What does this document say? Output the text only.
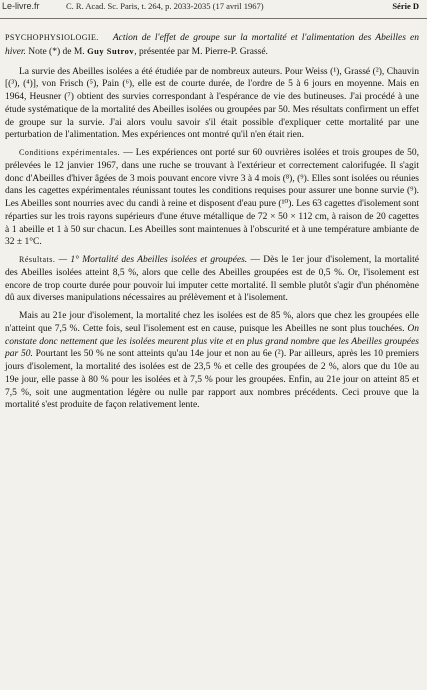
Le-livre.fr	C. R. Acad. Sc. Paris, t. 264, p. 2033-2035 (17 avril 1967)	Série D

PSYCHOPHYSIOLOGIE. Action de l'effet de groupe sur la mortalité et l'alimentation des Abeilles en hiver. Note (*) de M. Guy Sutrov, présentée par M. Pierre-P. Grassé.

La survie des Abeilles isolées a été étudiée par de nombreux auteurs. Pour Weiss (¹), Grassé (²), Chauvin [(³), (⁴)], von Frisch (⁵), Pain (⁶), elle est de courte durée, de l'ordre de 5 à 6 jours en moyenne. Mais en 1964, Heusner (⁷) obtient des survies correspondant à l'espérance de vie des butineuses. J'ai procédé à une étude systématique de la mortalité des Abeilles isolées ou groupées par 50. Mes résultats confirment un effet de groupe sur la survie. J'ai alors voulu savoir s'il était possible d'expliquer cette mortalité par une perturbation de l'alimentation. Mes expériences ont montré qu'il n'en était rien.

Conditions expérimentales. — Les expériences ont porté sur 60 ouvrières isolées et trois groupes de 50, prélevées le 12 janvier 1967, dans une ruche se trouvant à l'extérieur et correctement calorifugée. Il s'agit donc d'Abeilles d'hiver âgées de 3 mois pouvant encore vivre 3 à 4 mois (⁸), (⁹). Elles sont isolées ou réunies dans les cagettes expérimentales réunissant toutes les conditions requises pour assurer une bonne survie (⁹). Les Abeilles sont nourries avec du candi à reine et disposent d'eau pure (¹⁰). Les 63 cagettes d'isolement sont réparties sur les trois rayons supérieurs d'une étuve métallique de 72 × 50 × 112 cm, à raison de 20 cagettes à 1 abeille et 1 à 50 sur chacun. Les Abeilles sont maintenues à l'obscurité et à une température ambiante de 32 ± 1°C.

Résultats. — 1° Mortalité des Abeilles isolées et groupées. — Dès le 1er jour d'isolement, la mortalité des Abeilles isolées atteint 8,5 %, alors que celle des Abeilles groupées est de 0,5 %. Or, l'isolement est encore de trop courte durée pour pouvoir lui imputer cette mortalité. Il semble plutôt s'agir d'un phénomène dû aux diverses manipulations nécessaires au prélèvement et à l'isolement.

Mais au 21e jour d'isolement, la mortalité chez les isolées est de 85 %, alors que chez les groupées elle n'atteint que 7,5 %. Cette fois, seul l'isolement est en cause, puisque les Abeilles ne sont plus touchées. On constate donc nettement que les isolées meurent plus vite et en plus grand nombre que les Abeilles groupées par 50. Pourtant les 50 % ne sont atteints qu'au 14e jour et non au 6e (²). Par ailleurs, après les 10 premiers jours d'isolement, la mortalité des isolées est de 23,5 % et celle des groupées de 2 %, alors que du 10e au 19e jour, elle passe à 80 % pour les isolées et à 7,5 % pour les groupées. Enfin, au 21e jour on atteint 85 et 7,5 %, soit une augmentation légère ou nulle par rapport aux nombres précédents. Ceci prouve que la mortalité s'est produite de façon relativement lente.
